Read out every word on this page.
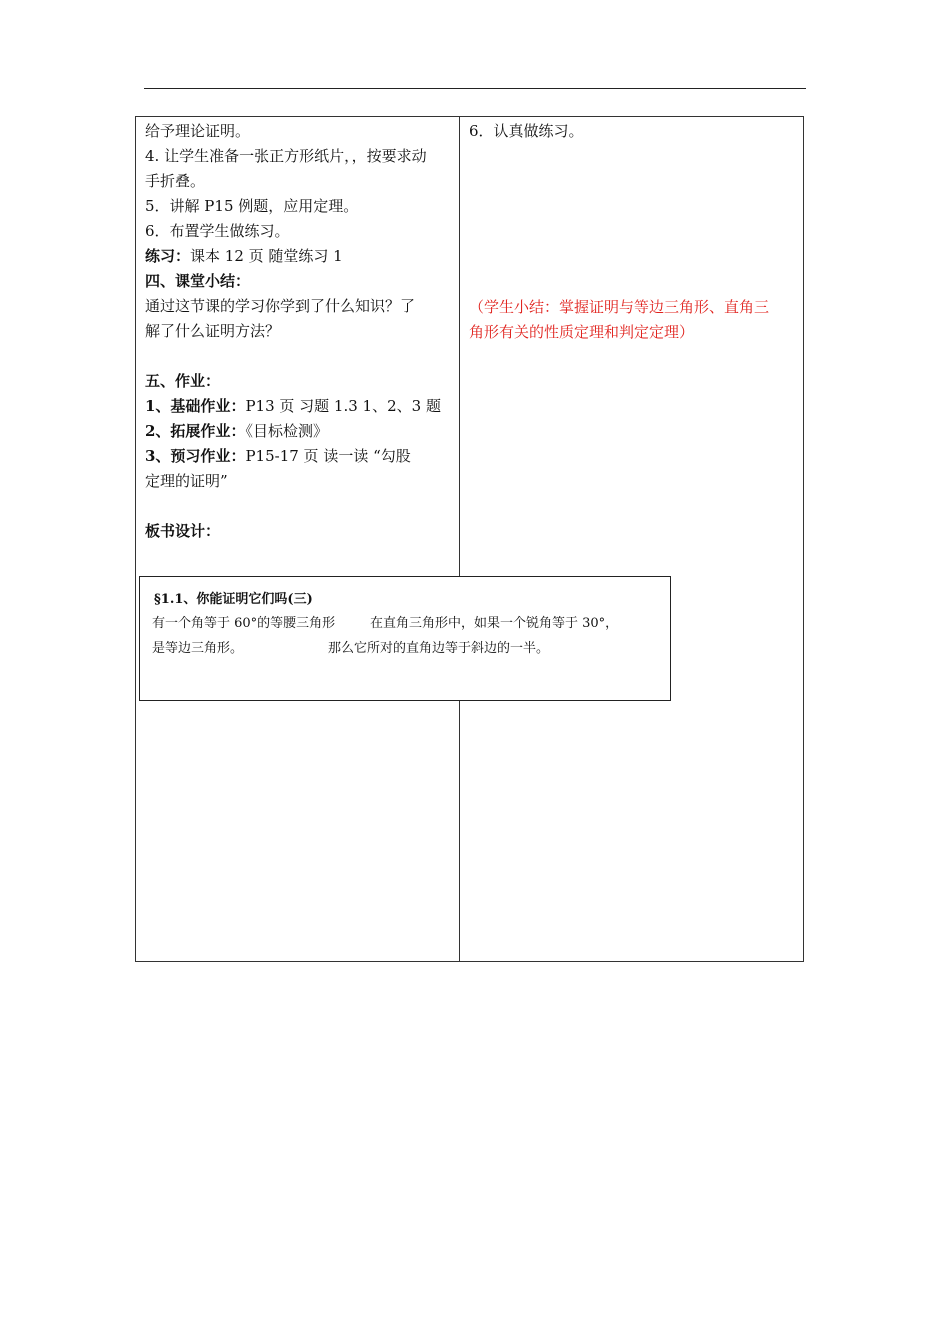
给予理论证明。
4. 让学生准备一张正方形纸片，，按要求动
手折叠。
5．讲解 P15 例题，应用定理。
6．布置学生做练习。
练习：课本 12 页 随堂练习 1
四、课堂小结：
通过这节课的学习你学到了什么知识？了
解了什么证明方法？
五、作业：
1、基础作业：P13 页 习题 1.3 1、2、3 题
2、拓展作业：《目标检测》
3、预习作业：P15-17 页 读一读 “勾股
定理的证明”
板书设计：
6．认真做练习。
（学生小结：掌握证明与等边三角形、直角三
角形有关的性质定理和判定定理）
§1.1、你能证明它们吗(三)
有一个角等于 60°的等腰三角形	在直角三角形中，如果一个锐角等于 30°，
是等边三角形。	那么它所对的直角边等于斜边的一半。
